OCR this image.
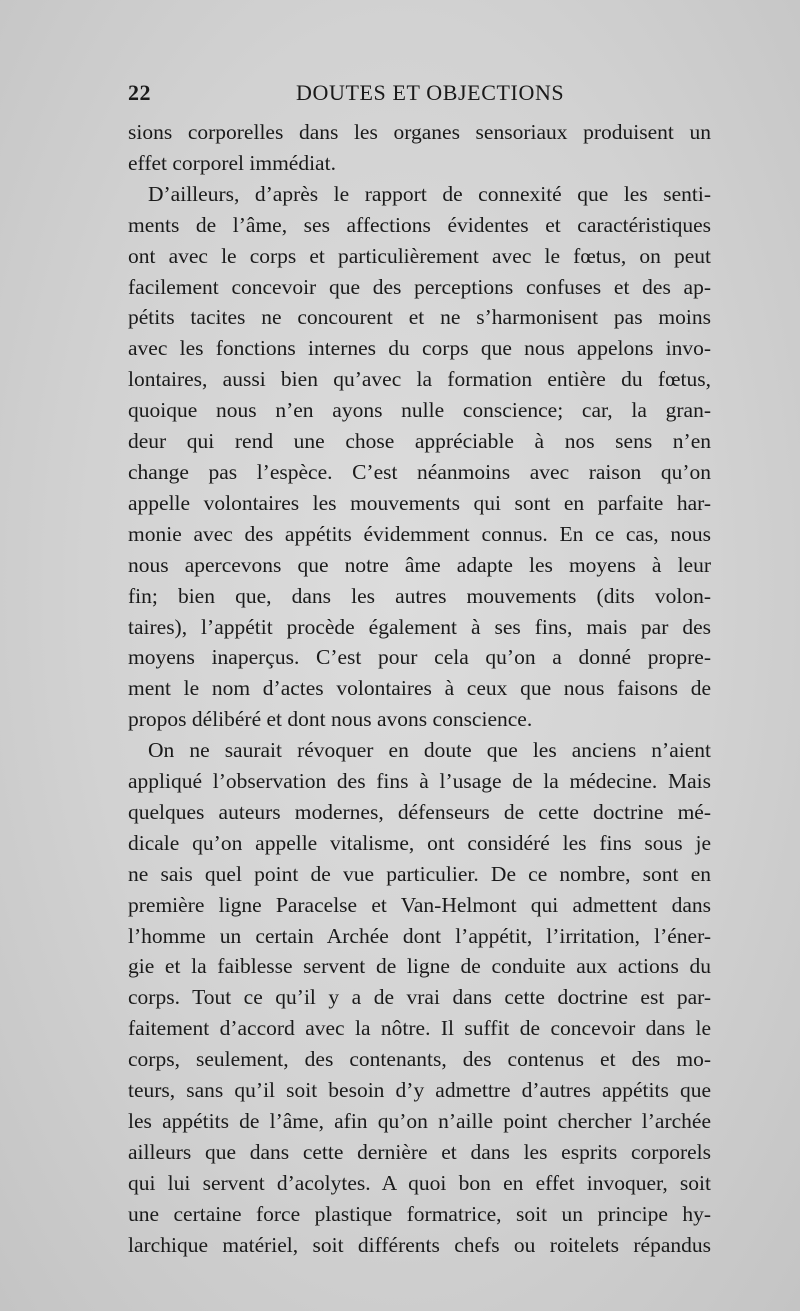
22	DOUTES ET OBJECTIONS
sions corporelles dans les organes sensoriaux produisent un
effet corporel immédiat.
D’ailleurs, d’après le rapport de connexité que les senti-
ments de l’âme, ses affections évidentes et caractéristiques
ont avec le corps et particulièrement avec le fœtus, on peut
facilement concevoir que des perceptions confuses et des ap-
pétits tacites ne concourent et ne s’harmonisent pas moins
avec les fonctions internes du corps que nous appelons invo-
lontaires, aussi bien qu’avec la formation entière du fœtus,
quoique nous n’en ayons nulle conscience; car, la gran-
deur qui rend une chose appréciable à nos sens n’en
change pas l’espèce. C’est néanmoins avec raison qu’on
appelle volontaires les mouvements qui sont en parfaite har-
monie avec des appétits évidemment connus. En ce cas, nous
nous apercevons que notre âme adapte les moyens à leur
fin; bien que, dans les autres mouvements (dits volon-
taires), l’appétit procède également à ses fins, mais par des
moyens inaperçus. C’est pour cela qu’on a donné propre-
ment le nom d’actes volontaires à ceux que nous faisons de
propos délibéré et dont nous avons conscience.
On ne saurait révoquer en doute que les anciens n’aient
appliqué l’observation des fins à l’usage de la médecine. Mais
quelques auteurs modernes, défenseurs de cette doctrine mé-
dicale qu’on appelle vitalisme, ont considéré les fins sous je
ne sais quel point de vue particulier. De ce nombre, sont en
première ligne Paracelse et Van-Helmont qui admettent dans
l’homme un certain Archée dont l’appétit, l’irritation, l’éner-
gie et la faiblesse servent de ligne de conduite aux actions du
corps. Tout ce qu’il y a de vrai dans cette doctrine est par-
faitement d’accord avec la nôtre. Il suffit de concevoir dans le
corps, seulement, des contenants, des contenus et des mo-
teurs, sans qu’il soit besoin d’y admettre d’autres appétits que
les appétits de l’âme, afin qu’on n’aille point chercher l’archée
ailleurs que dans cette dernière et dans les esprits corporels
qui lui servent d’acolytes. A quoi bon en effet invoquer, soit
une certaine force plastique formatrice, soit un principe hy-
larchique matériel, soit différents chefs ou roitelets répandus
